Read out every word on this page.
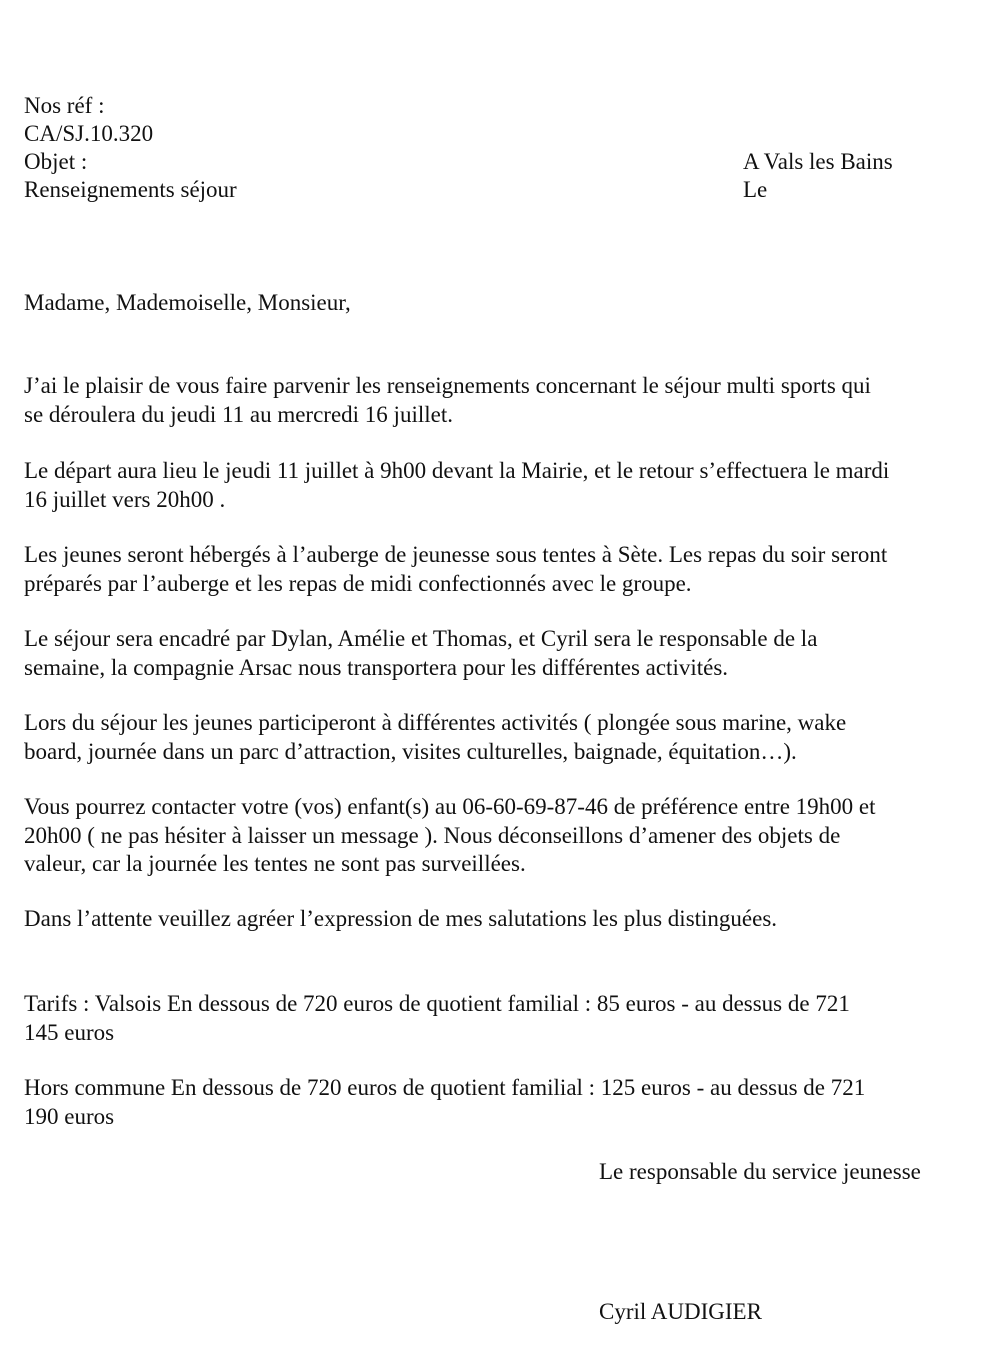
Nos réf :
CA/SJ.10.320
Objet :
Renseignements séjour
A Vals les Bains
Le
Madame, Mademoiselle, Monsieur,
J’ai le plaisir de vous faire parvenir les renseignements concernant le séjour multi sports qui
se déroulera du jeudi 11 au mercredi 16 juillet.
Le départ aura lieu le jeudi 11 juillet à 9h00 devant la Mairie, et le retour s’effectuera le mardi
16 juillet vers 20h00 .
Les jeunes seront hébergés à l’auberge de jeunesse sous tentes à Sète. Les repas du soir seront
préparés par l’auberge et les repas de midi confectionnés avec le groupe.
Le séjour sera encadré par Dylan, Amélie et Thomas, et Cyril sera le responsable de la
semaine, la compagnie Arsac nous transportera pour les différentes activités.
Lors du séjour les jeunes participeront à différentes activités ( plongée sous marine, wake
board, journée dans un parc d’attraction, visites culturelles, baignade, équitation…).
Vous pourrez contacter votre (vos) enfant(s) au 06-60-69-87-46 de préférence entre 19h00 et
20h00 ( ne pas hésiter à laisser un message ). Nous déconseillons d’amener des objets de
valeur, car la journée les tentes ne sont pas surveillées.
Dans l’attente veuillez agréer l’expression de mes salutations les plus distinguées.
Tarifs : Valsois En dessous de 720 euros de quotient familial : 85 euros - au dessus de 721
145 euros
Hors commune En dessous de 720 euros de quotient familial : 125 euros - au dessus de 721
190 euros
Le responsable du service jeunesse
Cyril AUDIGIER
